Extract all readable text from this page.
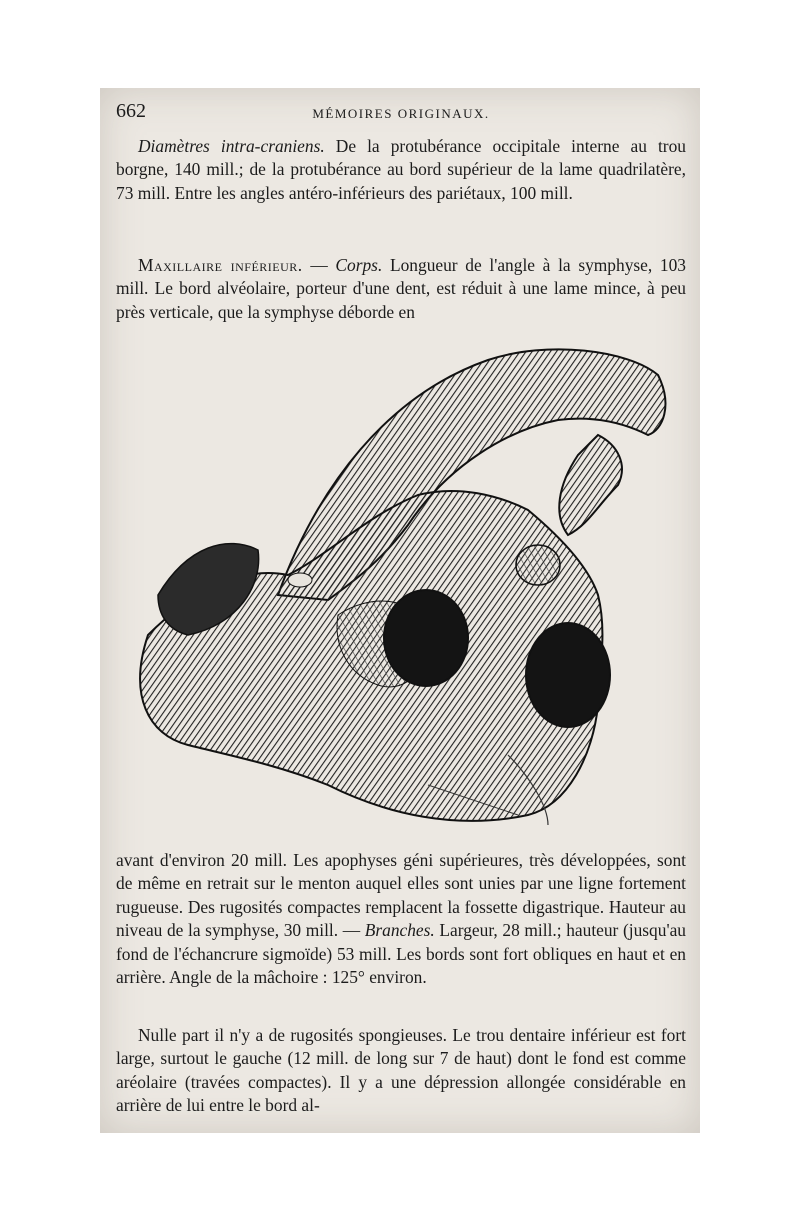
662	MÉMOIRES ORIGINAUX.

Diamètres intra-craniens. De la protubérance occipitale interne au trou borgne, 140 mill.; de la protubérance au bord supérieur de la lame quadrilatère, 73 mill. Entre les angles antéro-inférieurs des pariétaux, 100 mill.

Maxillaire inférieur. — Corps. Longueur de l'angle à la symphyse, 103 mill. Le bord alvéolaire, porteur d'une dent, est réduit à une lame mince, à peu près verticale, que la symphyse déborde en

avant d'environ 20 mill. Les apophyses géni supérieures, très développées, sont de même en retrait sur le menton auquel elles sont unies par une ligne fortement rugueuse. Des rugosités compactes remplacent la fossette digastrique. Hauteur au niveau de la symphyse, 30 mill. — Branches. Largeur, 28 mill.; hauteur (jusqu'au fond de l'échancrure sigmoïde) 53 mill. Les bords sont fort obliques en haut et en arrière. Angle de la mâchoire : 125° environ.

Nulle part il n'y a de rugosités spongieuses. Le trou dentaire inférieur est fort large, surtout le gauche (12 mill. de long sur 7 de haut) dont le fond est comme aréolaire (travées compactes). Il y a une dépression allongée considérable en arrière de lui entre le bord al-
